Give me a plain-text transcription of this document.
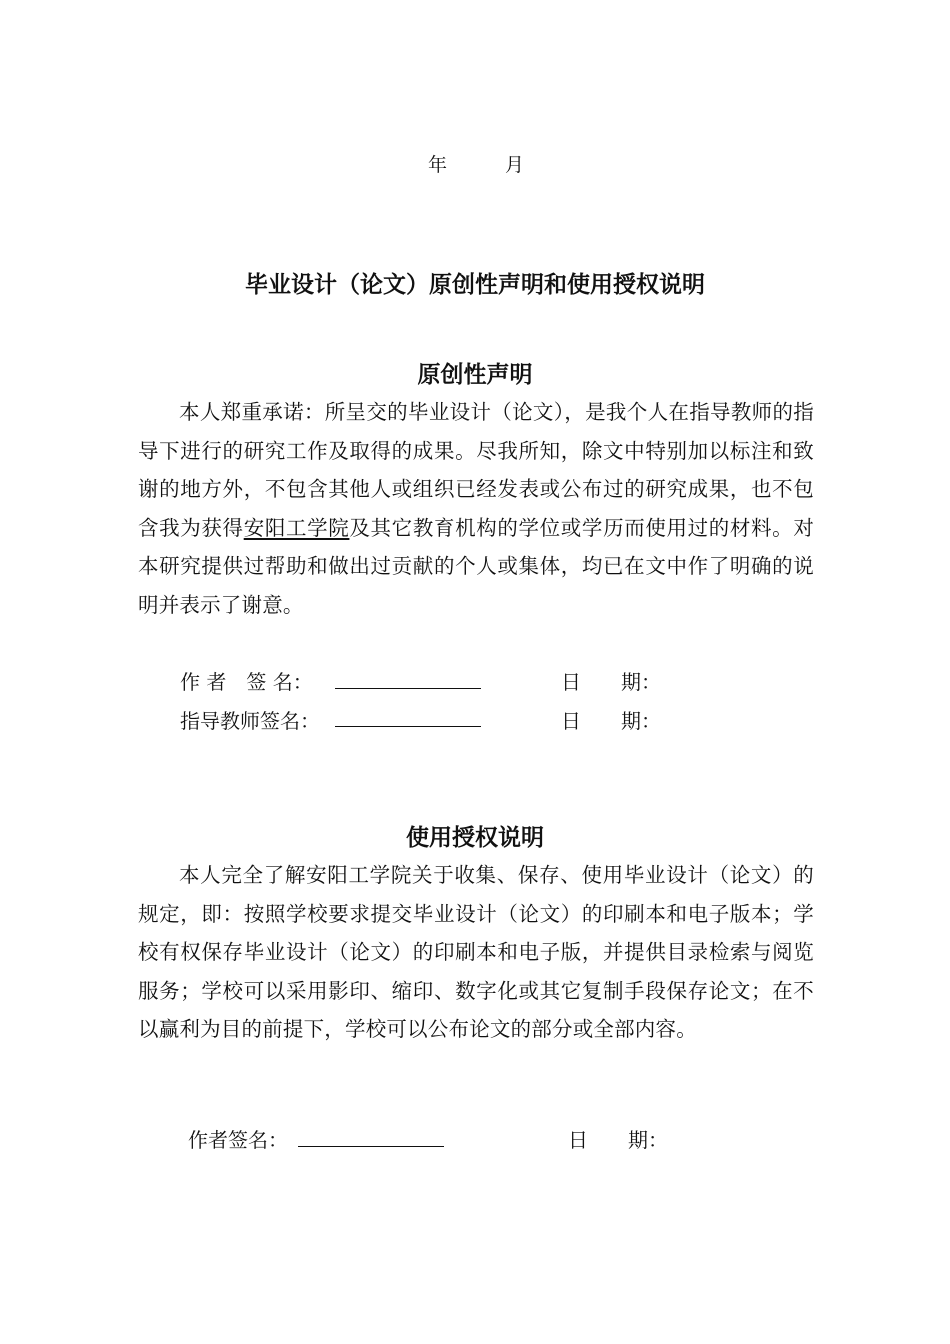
年	月
毕业设计（论文）原创性声明和使用授权说明
原创性声明
本人郑重承诺：所呈交的毕业设计（论文），是我个人在指导教师的指导下进行的研究工作及取得的成果。尽我所知，除文中特别加以标注和致谢的地方外，不包含其他人或组织已经发表或公布过的研究成果，也不包含我为获得安阳工学院及其它教育机构的学位或学历而使用过的材料。对本研究提供过帮助和做出过贡献的个人或集体，均已在文中作了明确的说明并表示了谢意。
作 者　签 名：	日　　期：
指导教师签名：	日　　期：
使用授权说明
本人完全了解安阳工学院关于收集、保存、使用毕业设计（论文）的规定，即：按照学校要求提交毕业设计（论文）的印刷本和电子版本；学校有权保存毕业设计（论文）的印刷本和电子版，并提供目录检索与阅览服务；学校可以采用影印、缩印、数字化或其它复制手段保存论文；在不以赢利为目的前提下，学校可以公布论文的部分或全部内容。
作者签名：	日　　期：
